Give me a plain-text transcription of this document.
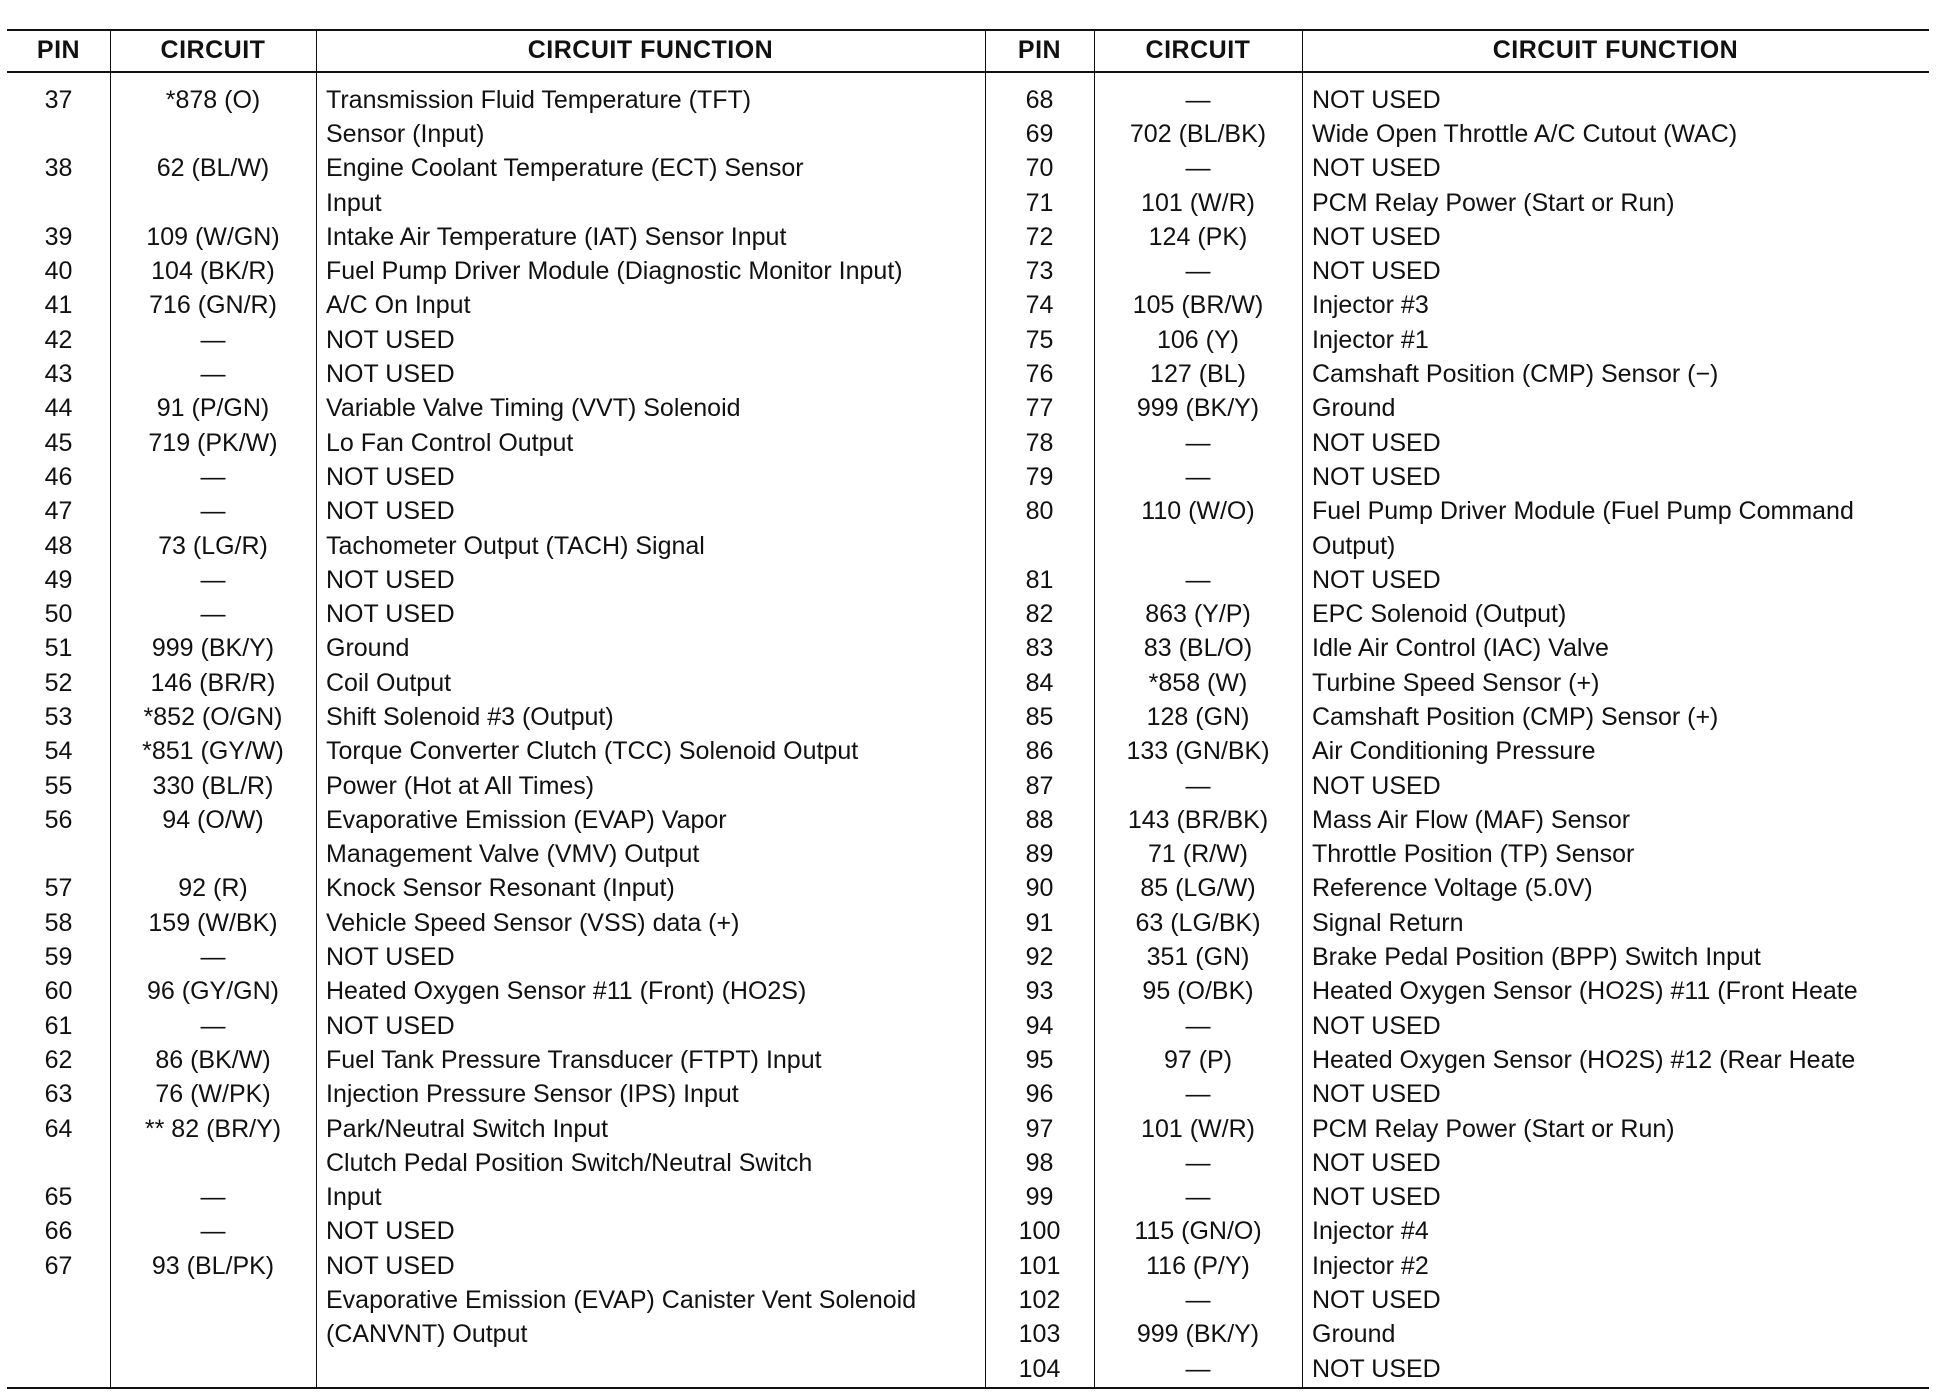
PIN	CIRCUIT	CIRCUIT FUNCTION
37	*878 (O)	Transmission Fluid Temperature (TFT)
		Sensor (Input)
38	62 (BL/W)	Engine Coolant Temperature (ECT) Sensor
		Input
39	109 (W/GN)	Intake Air Temperature (IAT) Sensor Input
40	104 (BK/R)	Fuel Pump Driver Module (Diagnostic Monitor Input)
41	716 (GN/R)	A/C On Input
42	—	NOT USED
43	—	NOT USED
44	91 (P/GN)	Variable Valve Timing (VVT) Solenoid
45	719 (PK/W)	Lo Fan Control Output
46	—	NOT USED
47	—	NOT USED
48	73 (LG/R)	Tachometer Output (TACH) Signal
49	—	NOT USED
50	—	NOT USED
51	999 (BK/Y)	Ground
52	146 (BR/R)	Coil Output
53	*852 (O/GN)	Shift Solenoid #3 (Output)
54	*851 (GY/W)	Torque Converter Clutch (TCC) Solenoid Output
55	330 (BL/R)	Power (Hot at All Times)
56	94 (O/W)	Evaporative Emission (EVAP) Vapor
		Management Valve (VMV) Output
57	92 (R)	Knock Sensor Resonant (Input)
58	159 (W/BK)	Vehicle Speed Sensor (VSS) data (+)
59	—	NOT USED
60	96 (GY/GN)	Heated Oxygen Sensor #11 (Front) (HO2S)
61	—	NOT USED
62	86 (BK/W)	Fuel Tank Pressure Transducer (FTPT) Input
63	76 (W/PK)	Injection Pressure Sensor (IPS) Input
64	** 82 (BR/Y)	Park/Neutral Switch Input
		Clutch Pedal Position Switch/Neutral Switch
65	—	Input
66	—	NOT USED
67	93 (BL/PK)	NOT USED
		Evaporative Emission (EVAP) Canister Vent Solenoid
		(CANVNT) Output

PIN	CIRCUIT	CIRCUIT FUNCTION
68	—	NOT USED
69	702 (BL/BK)	Wide Open Throttle A/C Cutout (WAC)
70	—	NOT USED
71	101 (W/R)	PCM Relay Power (Start or Run)
72	124 (PK)	NOT USED
73	—	NOT USED
74	105 (BR/W)	Injector #3
75	106 (Y)	Injector #1
76	127 (BL)	Camshaft Position (CMP) Sensor (−)
77	999 (BK/Y)	Ground
78	—	NOT USED
79	—	NOT USED
80	110 (W/O)	Fuel Pump Driver Module (Fuel Pump Command
		Output)
81	—	NOT USED
82	863 (Y/P)	EPC Solenoid (Output)
83	83 (BL/O)	Idle Air Control (IAC) Valve
84	*858 (W)	Turbine Speed Sensor (+)
85	128 (GN)	Camshaft Position (CMP) Sensor (+)
86	133 (GN/BK)	Air Conditioning Pressure
87	—	NOT USED
88	143 (BR/BK)	Mass Air Flow (MAF) Sensor
89	71 (R/W)	Throttle Position (TP) Sensor
90	85 (LG/W)	Reference Voltage (5.0V)
91	63 (LG/BK)	Signal Return
92	351 (GN)	Brake Pedal Position (BPP) Switch Input
93	95 (O/BK)	Heated Oxygen Sensor (HO2S) #11 (Front Heate
94	—	NOT USED
95	97 (P)	Heated Oxygen Sensor (HO2S) #12 (Rear Heate
96	—	NOT USED
97	101 (W/R)	PCM Relay Power (Start or Run)
98	—	NOT USED
99	—	NOT USED
100	115 (GN/O)	Injector #4
101	116 (P/Y)	Injector #2
102	—	NOT USED
103	999 (BK/Y)	Ground
104	—	NOT USED
